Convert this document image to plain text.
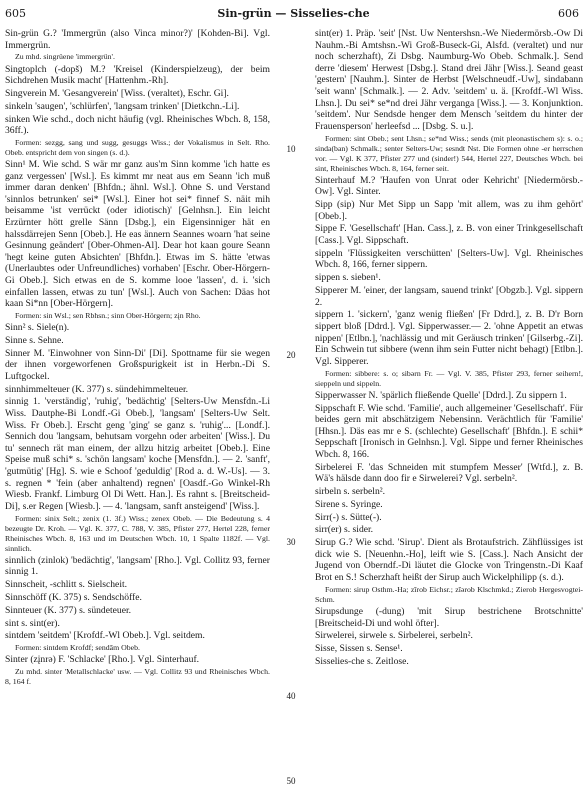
605	Sin-grün — Sisselies-che	606

Sin-grün G.? 'Immergrün (also Vinca minor?)' [Kohden-Bi]. Vgl. Immergrün.

Zu mhd. singrüene 'immergrün'.

Singtoplch (-dopš) M.? 'Kreisel (Kinderspielzeug), der beim Sichdrehen Musik macht' [Hattenhm.-Rh].

Singverein M. 'Gesangverein' [Wiss. (veraltet), Eschr. Gi].

sinkeln 'saugen', 'schlürfen', 'langsam trinken' [Dietkchn.-Li].

sinken Wie schd., doch nicht häufig (vgl. Rheinisches Wbch. 8, 158, 36ff.).

Formen: sezgg, sang und sugg, gesuggs Wiss.; der Vokalismus in Selt. Rho. Obeb. entspricht dem von singen (s. d.).

Sinn¹ M. Wie schd. S wär mr ganz aus'm Sinn komme 'ich hatte es ganz vergessen' [Wsl.]. Es kimmt mr neat aus em Seann 'ich muß immer daran denken' [Bhfdn.; ähnl. Wsl.]. Ohne S. und Verstand 'sinnlos betrunken' sei* [Wsl.]. Einer hot sei* finnef S. näit mih beisamme 'ist verrückt (oder idiotisch)' [Gelnhsn.]. Ein leicht Erzürnter hött grelle Sänn [Dsbg.], ein Eigensinniger hät en halssdärrejen Senn [Obeb.]. He eas ännern Seannes woarn 'hat seine Gesinnung geändert' [Ober-Ohmen-Al]. Dear hot kaan goure Seann 'hegt keine guten Absichten' [Bhfdn.]. Etwas im S. hätte 'etwas (Unerlaubtes oder Unfreundliches) vorhaben' [Eschr. Ober-Hörgern-Gi Obeb.]. Sich etwas en de S. komme looe 'lassen', d. i. 'sich einfallen lassen, etwas zu tun' [Wsl.]. Auch von Sachen: Däas hot kaan Si*nn [Ober-Hörgern].

Formen: sin Wsl.; sen Rbhsn.; sinn Ober-Hörgern; zįn Rho.

Sinn² s. Siele(n).

Sinne s. Sehne.

Sinner M. 'Einwohner von Sinn-Di' [Di]. Spottname für sie wegen der ihnen vorgeworfenen Großspurigkeit ist in Herbn.-Di S. Luftgockel.

sinnhimmelteuer (K. 377) s. sündehimmelteuer.

sinnig 1. 'verständig', 'ruhig', 'bedächtig' [Selters-Uw Mensfdn.-Li Wiss. Dautphe-Bi Londf.-Gi Obeb.], 'langsam' [Selters-Uw Selt. Wiss. Fr Obeb.]. Erscht geng 'ging' se ganz s. 'ruhig'... [Londf.]. Sennich dou 'langsam, behutsam vorgehn oder arbeiten' [Wiss.]. Du tu' sennech rät man einem, der allzu hitzig arbeitet [Obeb.]. Eine Speise muß schi* s. 'schön langsam' koche [Mensfdn.]. — 2. 'sanft', 'gutmütig' [Hg]. S. wie e Schoof 'geduldig' [Rod a. d. W.-Us]. — 3. s. regnen * 'fein (aber anhaltend) regnen' [Oasdf.-Go Winkel-Rh Wiesb. Frankf. Limburg Ol Di Wett. Han.]. Es rahnt s. [Breitscheid-Di], s.er Regen [Wiesb.]. — 4. 'langsam, sanft ansteigend' [Wiss.].

Formen: sinix Selt.; zenix (1. 3f.) Wiss.; zenex Obeb. — Die Bedeutung s. 4 bezeugte Dr. Kroh. — Vgl. K. 377, C. 788, V. 385, Pfister 277, Hertel 228, ferner Rheinisches Wbch. 8, 163 und im Deutschen Wbch. 10, 1 Spalte 1182f. — Vgl. sinnlich.

sinnlich (zinlok) 'bedächtig', 'langsam' [Rho.]. Vgl. Collitz 93, ferner sinnig 1.

Sinnscheit, -schlitt s. Sielscheit.

Sinnschöff (K. 375) s. Sendschöffe.

Sinnteuer (K. 377) s. sündeteuer.

sint s. sint(er).

sintdem 'seitdem' [Krofdf.-Wl Obeb.]. Vgl. seitdem.

Formen: sintdem Krofdf; sendām Obeb.

Sinter (zįnrə) F. 'Schlacke' [Rho.]. Vgl. Sinterhauf.

Zu mhd. sinter 'Metallschlacke' usw. — Vgl. Collitz 93 und Rheinisches Wbch. 8, 164 f.

10
20
30
40
50

sint(er) 1. Präp. 'seit' [Nst. Uw Nentershsn.-We Niedermörsb.-Ow Di Nauhm.-Bi Amtshsn.-Wi Groß-Buseck-Gi, Alsfd. (veraltet) und nur noch scherzhaft), Zi Dsbg. Naumburg-Wo Obeb. Schmalk.]. Send derre 'diesem' Herwest [Dsbg.]. Stand drei Jähr [Wiss.]. Seand geast 'gestern' [Nauhm.]. Sinter de Herbst [Welschneudf.-Uw], sindabann 'seit wann' [Schmalk.]. — 2. Adv. 'seitdem' u. ä. [Krofdf.-Wl Wiss. Lhsn.]. Du sei* se*nd drei Jähr verganga [Wiss.]. — 3. Konjunktion. 'seitdem'. Nur Sendsde henger dem Mensch 'seitdem du hinter der Frauensperson' herleefsd ... [Dsbg. S. u.].

Formen: sint Obeb.; sent Lhsn.; se*nd Wiss.; sends (mit pleonastischem s): s. o.; sinda(ban) Schmalk.; senter Selters-Uw; sesndt Nst. Die Formen ohne -er herrschen vor. — Vgl. K 377, Pfister 277 und (sinder!) 544, Hertel 227, Deutsches Wbch. bei sint, Rheinisches Wbch. 8, 164, ferner seit.

Sinterhauf M.? 'Haufen von Unrat oder Kehricht' [Niedermörsb.-Ow]. Vgl. Sinter.

Sipp (sip) Nur Met Sipp un Sapp 'mit allem, was zu ihm gehört' [Obeb.].

Sippe F. 'Gesellschaft' [Han. Cass.], z. B. von einer Trinkgesellschaft [Cass.]. Vgl. Sippschaft.

sippeln 'Flüssigkeiten verschütten' [Selters-Uw]. Vgl. Rheinisches Wbch. 8, 166, ferner sippern.

sippen s. sieben¹.

Sipperer M. 'einer, der langsam, sauend trinkt' [Obgzb.]. Vgl. sippern 2.

sippern 1. 'sickern', 'ganz wenig fließen' [Fr Ddrd.], z. B. D'r Born sippert bloß [Ddrd.]. Vgl. Sipperwasser.— 2. 'ohne Appetit an etwas nippen' [Etlbn.], 'nachlässig und mit Geräusch trinken' [Gilserbg.-Zi]. Ein Schwein tut sibbere (wenn ihm sein Futter nicht behagt) [Etlbn.]. Vgl. Sipperer.

Formen: sibbere: s. o; sibərn Fr. — Vgl. V. 385, Pfister 293, ferner seihern!, sieppeln und sippeln.

Sipperwasser N. 'spärlich fließende Quelle' [Ddrd.]. Zu sippern 1.

Sippschaft F. Wie schd. 'Familie', auch allgemeiner 'Gesellschaft'. Für beides gern mit abschätzigem Nebensinn. Verächtlich für 'Familie' [Hhsn.]. Däs eas mr e S. (schlechte) Gesellschaft' [Bhfdn.]. E schii* Seppschaft [Ironisch in Gelnhsn.]. Vgl. Sippe und ferner Rheinisches Wbch. 8, 166.

Sirbelerei F. 'das Schneiden mit stumpfem Messer' [Wtfd.], z. B. Wä's hälsde dann doo fir e Sirwelerei? Vgl. serbeln².

sirbeln s. serbeln².

Sirene s. Syringe.

Sirr(-) s. Sütte(-).

sirr(er) s. sider.

Sirup G.? Wie schd. 'Sirup'. Dient als Brotaufstrich. Zähflüssiges ist dick wie S. [Neuenhn.-Ho], leift wie S. [Cass.]. Nach Ansicht der Jugend von Oberndf.-Di läutet die Glocke von Tringenstn.-Di Kaaf Brot en S.! Scherzhaft heißt der Sirup auch Wickelphilipp (s. d.).

Formen: sirup Osthm.-Ha; zīrob Eichsr.; zīərob Klschmkd.; Zierob Hergesvogtei-Schm.

Sirupsdunge (-dung) 'mit Sirup bestrichene Brotschnitte' [Breitscheid-Di und wohl öfter].

Sirwelerei, sirwele s. Sirbelerei, serbeln².

Sisse, Sissen s. Sense¹.

Sisselies-che s. Zeitlose.
